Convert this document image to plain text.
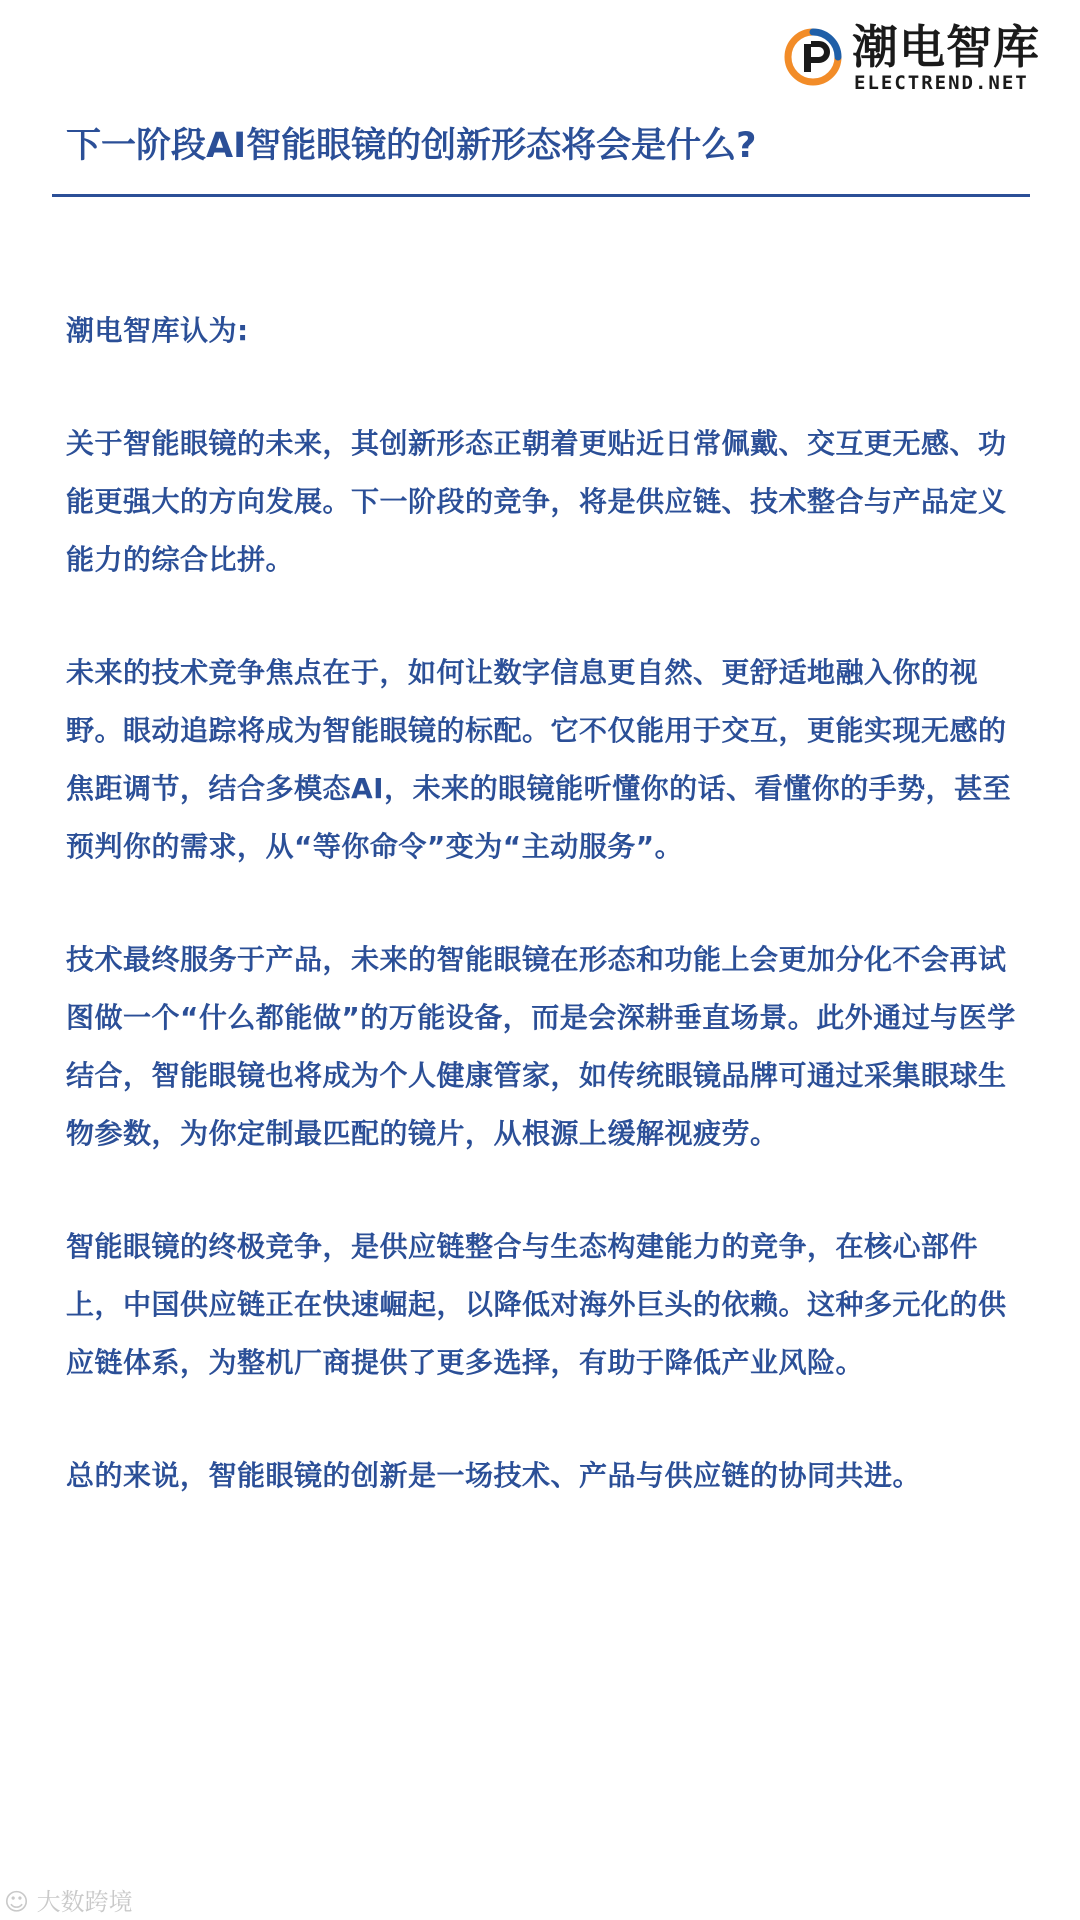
潮电智库
ELECTREND.NET
下一阶段AI智能眼镜的创新形态将会是什么?

潮电智库认为:

关于智能眼镜的未来，其创新形态正朝着更贴近日常佩戴、交互更无感、功能更强大的方向发展。下一阶段的竞争，将是供应链、技术整合与产品定义能力的综合比拼。

未来的技术竞争焦点在于，如何让数字信息更自然、更舒适地融入你的视野。眼动追踪将成为智能眼镜的标配。它不仅能用于交互，更能实现无感的焦距调节，结合多模态AI，未来的眼镜能听懂你的话、看懂你的手势，甚至预判你的需求，从“等你命令”变为“主动服务”。

技术最终服务于产品，未来的智能眼镜在形态和功能上会更加分化不会再试图做一个“什么都能做”的万能设备，而是会深耕垂直场景。此外通过与医学结合，智能眼镜也将成为个人健康管家，如传统眼镜品牌可通过采集眼球生物参数，为你定制最匹配的镜片，从根源上缓解视疲劳。

智能眼镜的终极竞争，是供应链整合与生态构建能力的竞争，在核心部件上，中国供应链正在快速崛起，以降低对海外巨头的依赖。这种多元化的供应链体系，为整机厂商提供了更多选择，有助于降低产业风险。

总的来说，智能眼镜的创新是一场技术、产品与供应链的协同共进。

☺ 大数跨境
